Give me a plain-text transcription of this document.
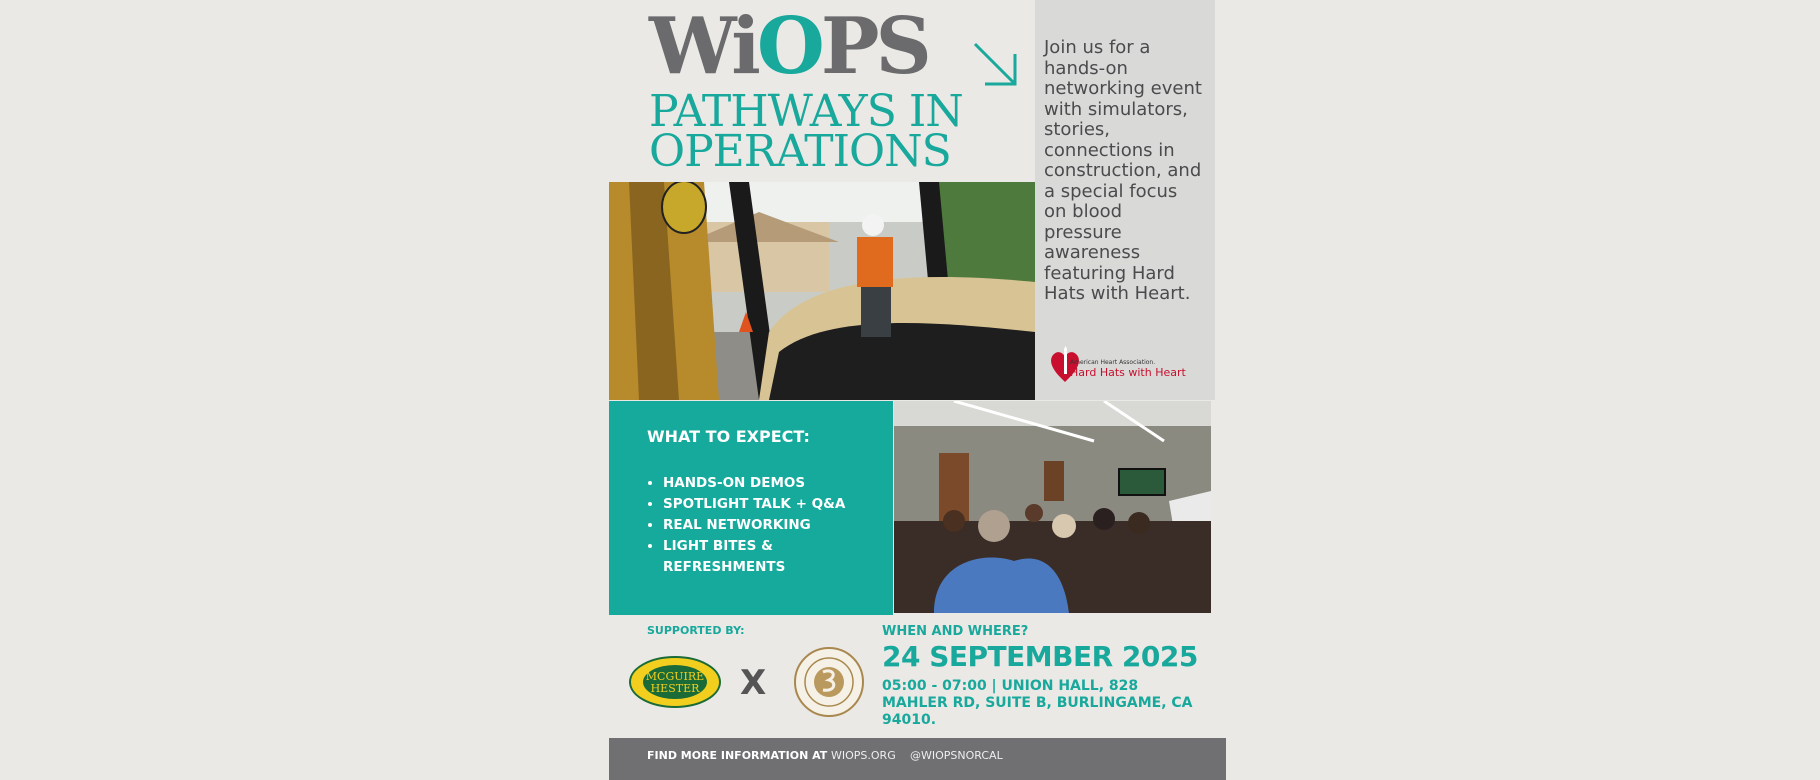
WiOPS
PATHWAYS IN OPERATIONS
Join us for a hands-on networking event with simulators, stories, connections in construction, and a special focus on blood pressure awareness featuring Hard Hats with Heart.
American Heart Association.
Hard Hats with Heart
WHAT TO EXPECT:
• HANDS-ON DEMOS
• SPOTLIGHT TALK + Q&A
• REAL NETWORKING
• LIGHT BITES & REFRESHMENTS
SUPPORTED BY:
MCGUIRE
HESTER X
WHEN AND WHERE?
24 SEPTEMBER 2025
05:00 - 07:00 | UNION HALL, 828 MAHLER RD, SUITE B, BURLINGAME, CA 94010.
FIND MORE INFORMATION AT WIOPS.ORG @WIOPSNORCAL
